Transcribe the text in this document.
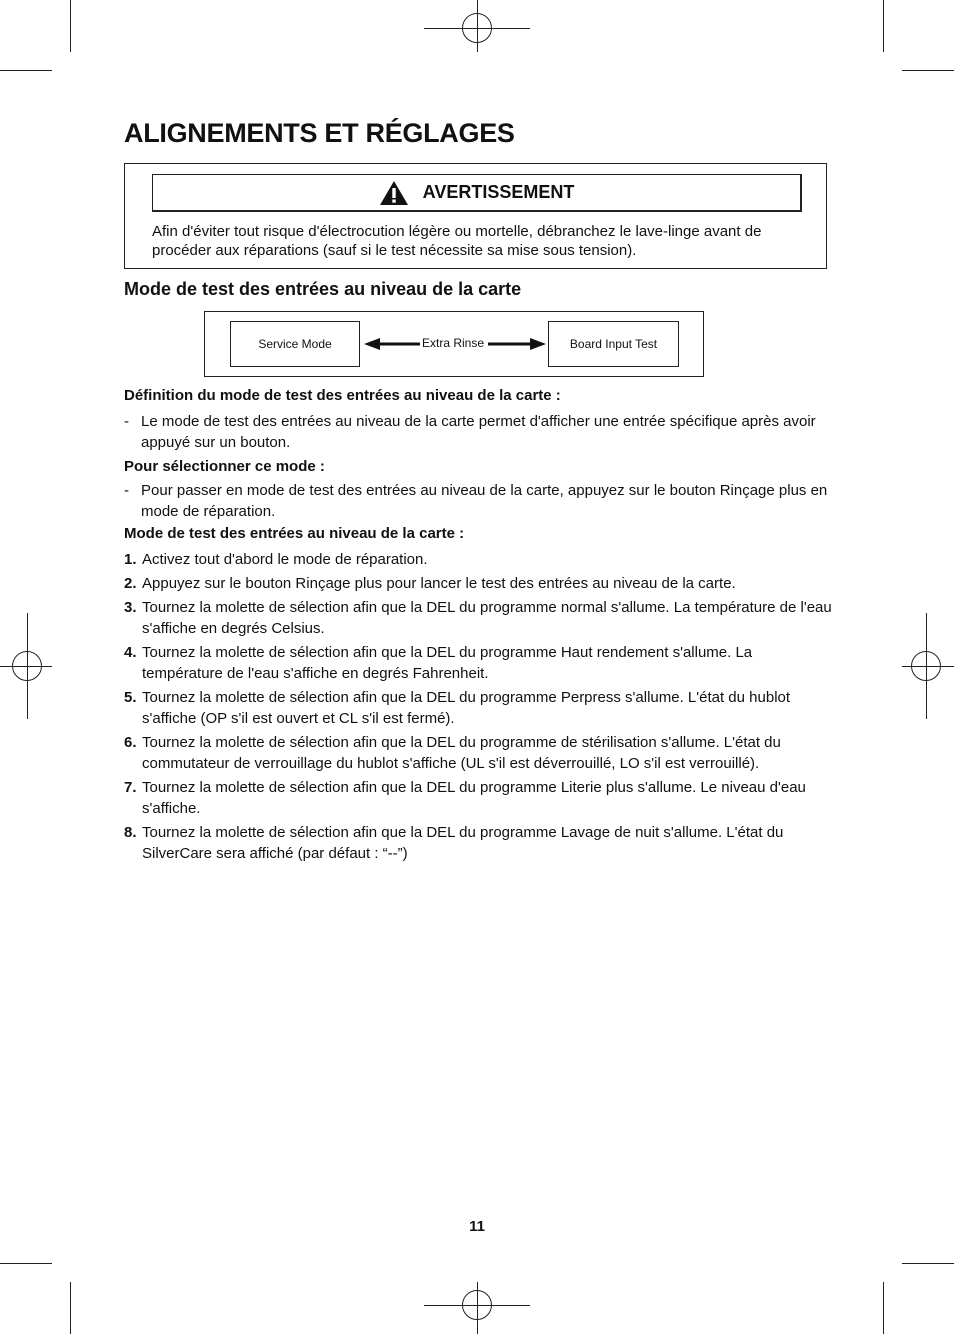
ALIGNEMENTS ET RÉGLAGES
AVERTISSEMENT

Afin d'éviter tout risque d'électrocution légère ou mortelle, débranchez le lave-linge avant de procéder aux réparations (sauf si le test nécessite sa mise sous tension).

Mode de test des entrées au niveau de la carte
Service Mode	Board Input Test
Extra Rinse

Définition du mode de test des entrées au niveau de la carte :

- Le mode de test des entrées au niveau de la carte permet d'afficher une entrée spécifique après avoir appuyé sur un bouton.

Pour sélectionner ce mode :

- Pour passer en mode de test des entrées au niveau de la carte, appuyez sur le bouton Rinçage plus en mode de réparation.

Mode de test des entrées au niveau de la carte :

1. Activez tout d'abord le mode de réparation.
2. Appuyez sur le bouton Rinçage plus pour lancer le test des entrées au niveau de la carte.
3. Tournez la molette de sélection afin que la DEL du programme normal s'allume. La température de l'eau s'affiche en degrés Celsius.
4. Tournez la molette de sélection afin que la DEL du programme Haut rendement s'allume. La température de l'eau s'affiche en degrés Fahrenheit.
5. Tournez la molette de sélection afin que la DEL du programme Perpress s'allume. L'état du hublot s'affiche (OP s'il est ouvert et CL s'il est fermé).
6. Tournez la molette de sélection afin que la DEL du programme de stérilisation s'allume. L'état du commutateur de verrouillage du hublot s'affiche (UL s'il est déverrouillé, LO s'il est verrouillé).
7. Tournez la molette de sélection afin que la DEL du programme Literie plus s'allume. Le niveau d'eau s'affiche.
8. Tournez la molette de sélection afin que la DEL du programme Lavage de nuit s'allume. L'état du SilverCare sera affiché (par défaut : “--”)
11
